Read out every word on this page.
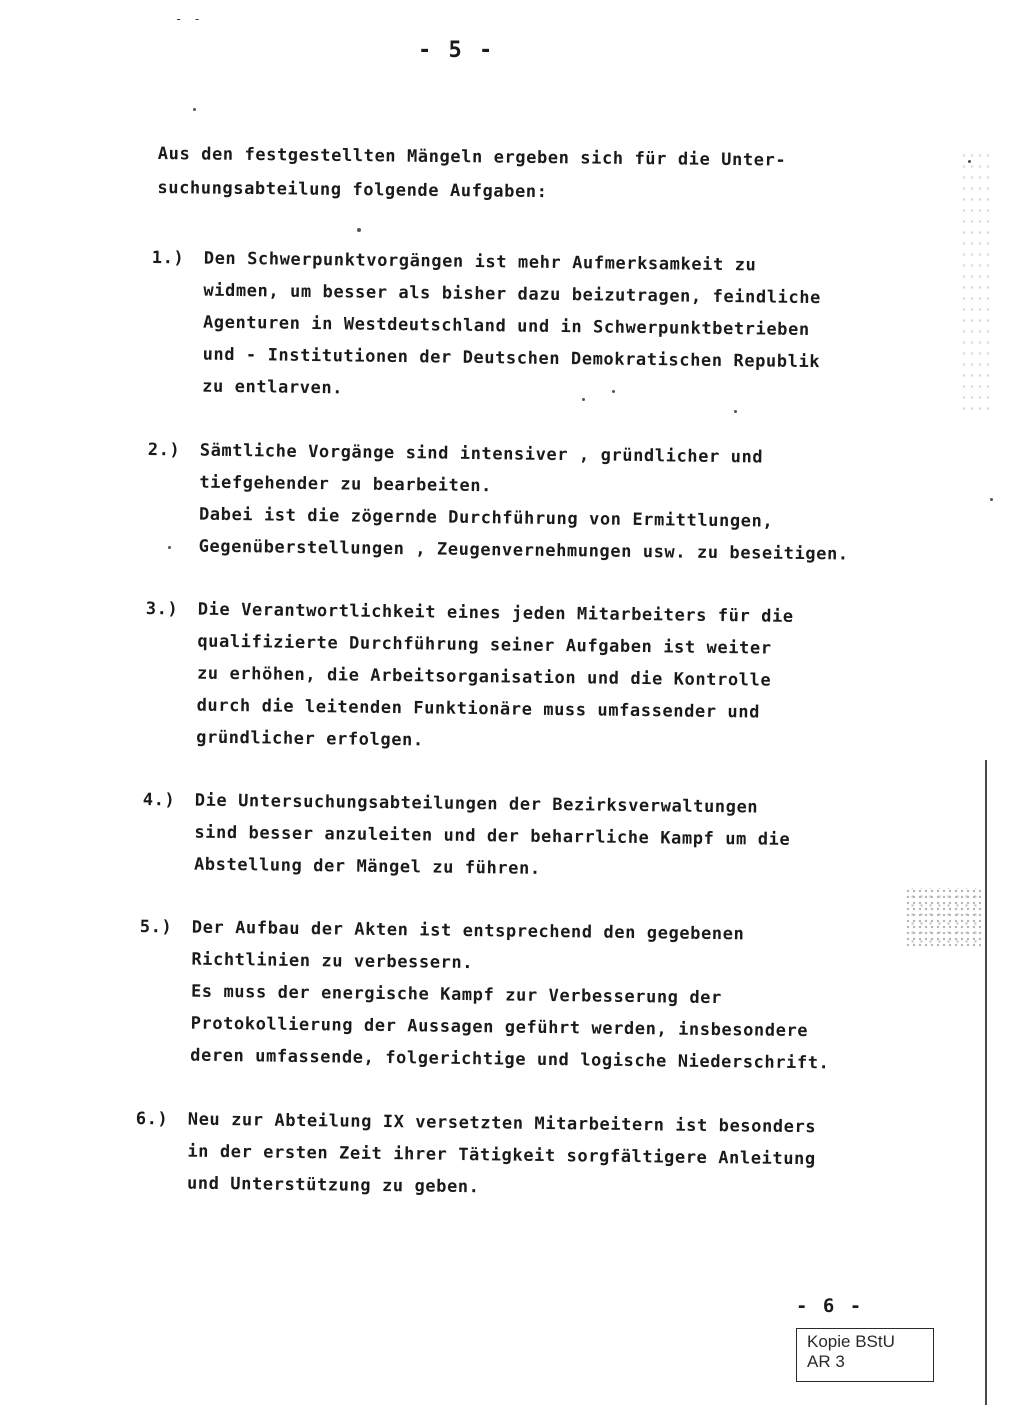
- -
- 5 -
Aus den festgestellten Mängeln ergeben sich für die Unter-
suchungsabteilung folgende Aufgaben:
1.) Den Schwerpunktvorgängen ist mehr Aufmerksamkeit zu
widmen, um besser als bisher dazu beizutragen, feindliche
Agenturen in Westdeutschland und in Schwerpunktbetrieben
und - Institutionen der Deutschen Demokratischen Republik
zu entlarven.
2.) Sämtliche Vorgänge sind intensiver , gründlicher und
tiefgehender zu bearbeiten.
Dabei ist die zögernde Durchführung von Ermittlungen,
Gegenüberstellungen , Zeugenvernehmungen usw. zu beseitigen.
3.) Die Verantwortlichkeit eines jeden Mitarbeiters für die
qualifizierte Durchführung seiner Aufgaben ist weiter
zu erhöhen, die Arbeitsorganisation und die Kontrolle
durch die leitenden Funktionäre muss umfassender und
gründlicher erfolgen.
4.) Die Untersuchungsabteilungen der Bezirksverwaltungen
sind besser anzuleiten und der beharrliche Kampf um die
Abstellung der Mängel zu führen.
5.) Der Aufbau der Akten ist entsprechend den gegebenen
Richtlinien zu verbessern.
Es muss der energische Kampf zur Verbesserung der
Protokollierung der Aussagen geführt werden, insbesondere
deren umfassende, folgerichtige und logische Niederschrift.
6.) Neu zur Abteilung IX versetzten Mitarbeitern ist besonders
in der ersten Zeit ihrer Tätigkeit sorgfältigere Anleitung
und Unterstützung zu geben.
- 6 -
Kopie BStU
AR 3
